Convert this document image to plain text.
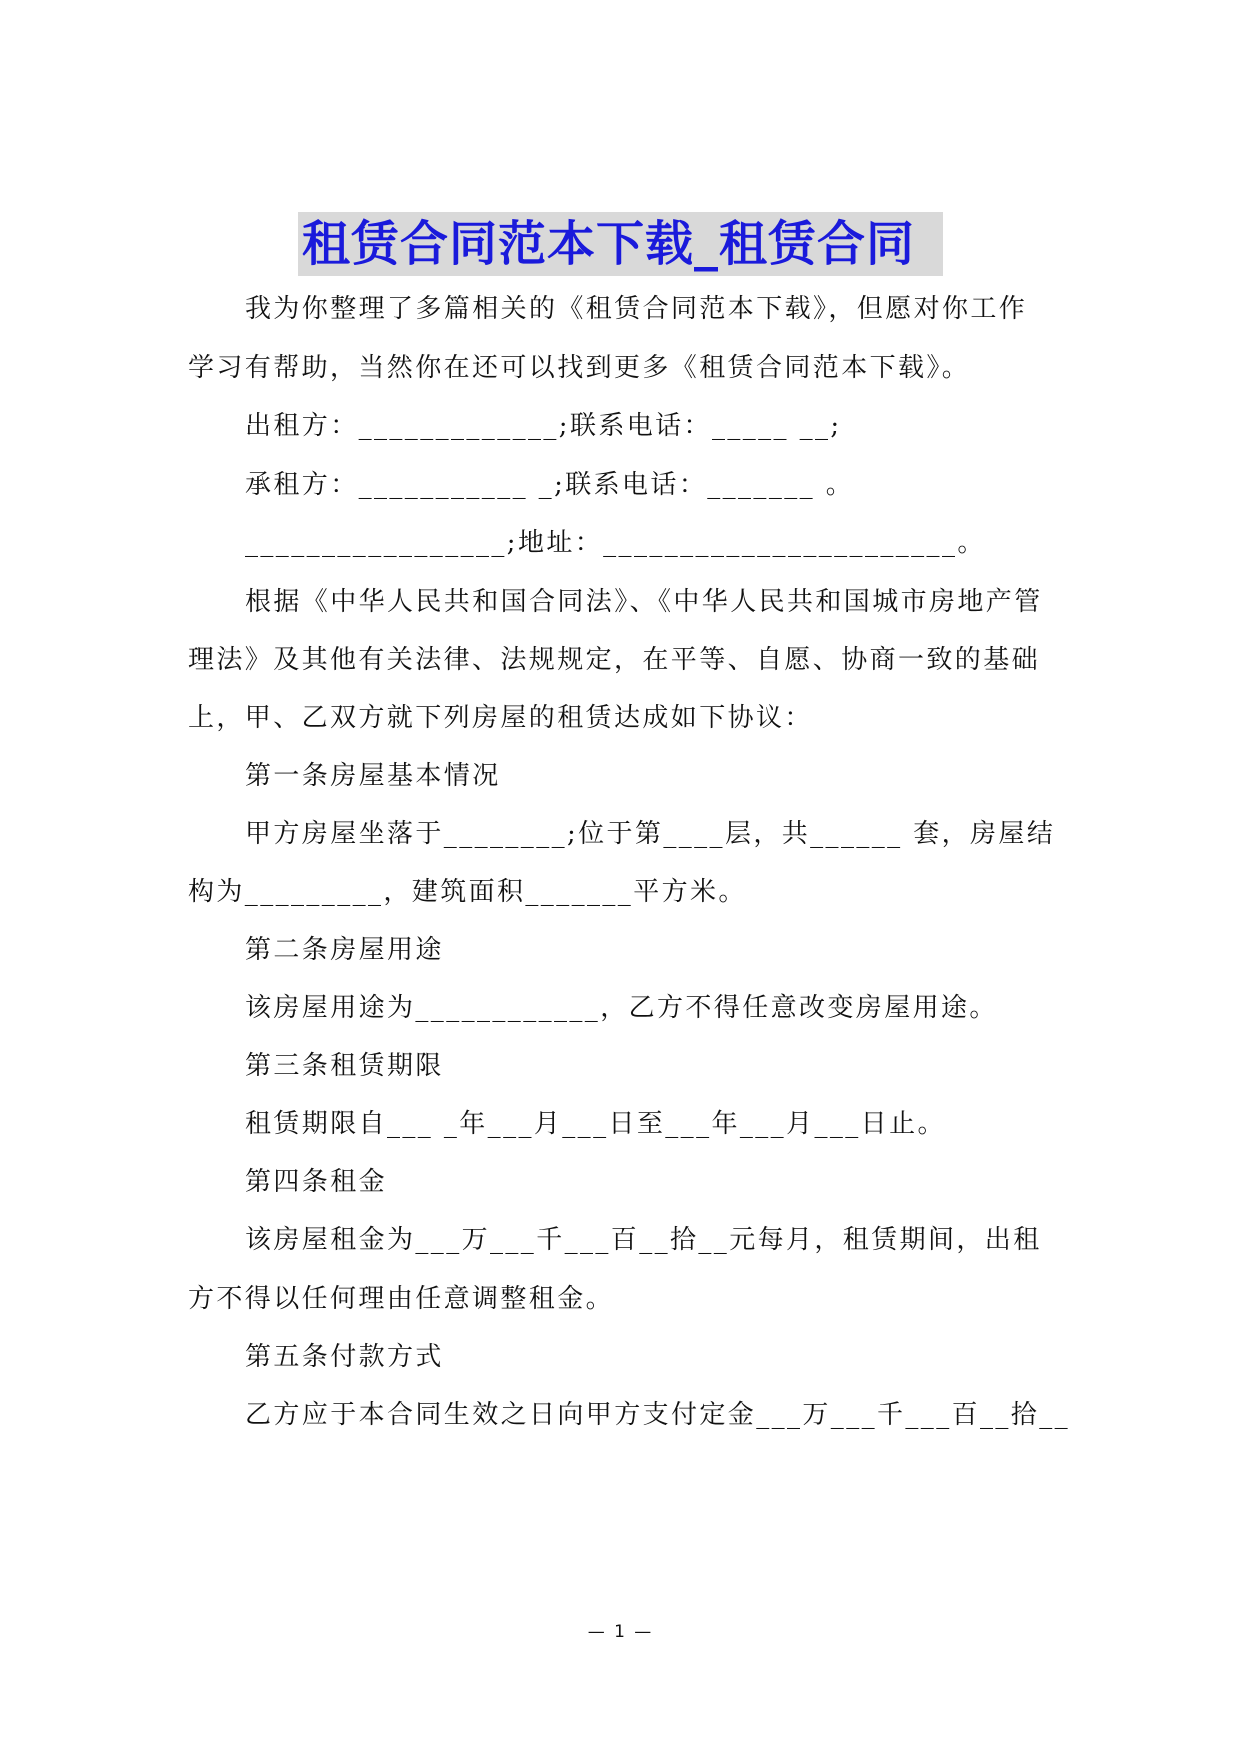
租赁合同范本下载_租赁合同
我为你整理了多篇相关的《租赁合同范本下载》，但愿对你工作
学习有帮助，当然你在还可以找到更多《租赁合同范本下载》。
出租方：_____________;联系电话：_____ __;
承租方：___________ _;联系电话：_______ 。
_________________;地址：_______________________。
根据《中华人民共和国合同法》、《中华人民共和国城市房地产管
理法》及其他有关法律、法规规定，在平等、自愿、协商一致的基础
上，甲、乙双方就下列房屋的租赁达成如下协议：
第一条房屋基本情况
甲方房屋坐落于________;位于第____层，共______ 套，房屋结
构为_________，建筑面积_______平方米。
第二条房屋用途
该房屋用途为____________，乙方不得任意改变房屋用途。
第三条租赁期限
租赁期限自___ _年___月___日至___年___月___日止。
第四条租金
该房屋租金为___万___千___百__拾__元每月，租赁期间，出租
方不得以任何理由任意调整租金。
第五条付款方式
乙方应于本合同生效之日向甲方支付定金___万___千___百__拾__
— 1 —
